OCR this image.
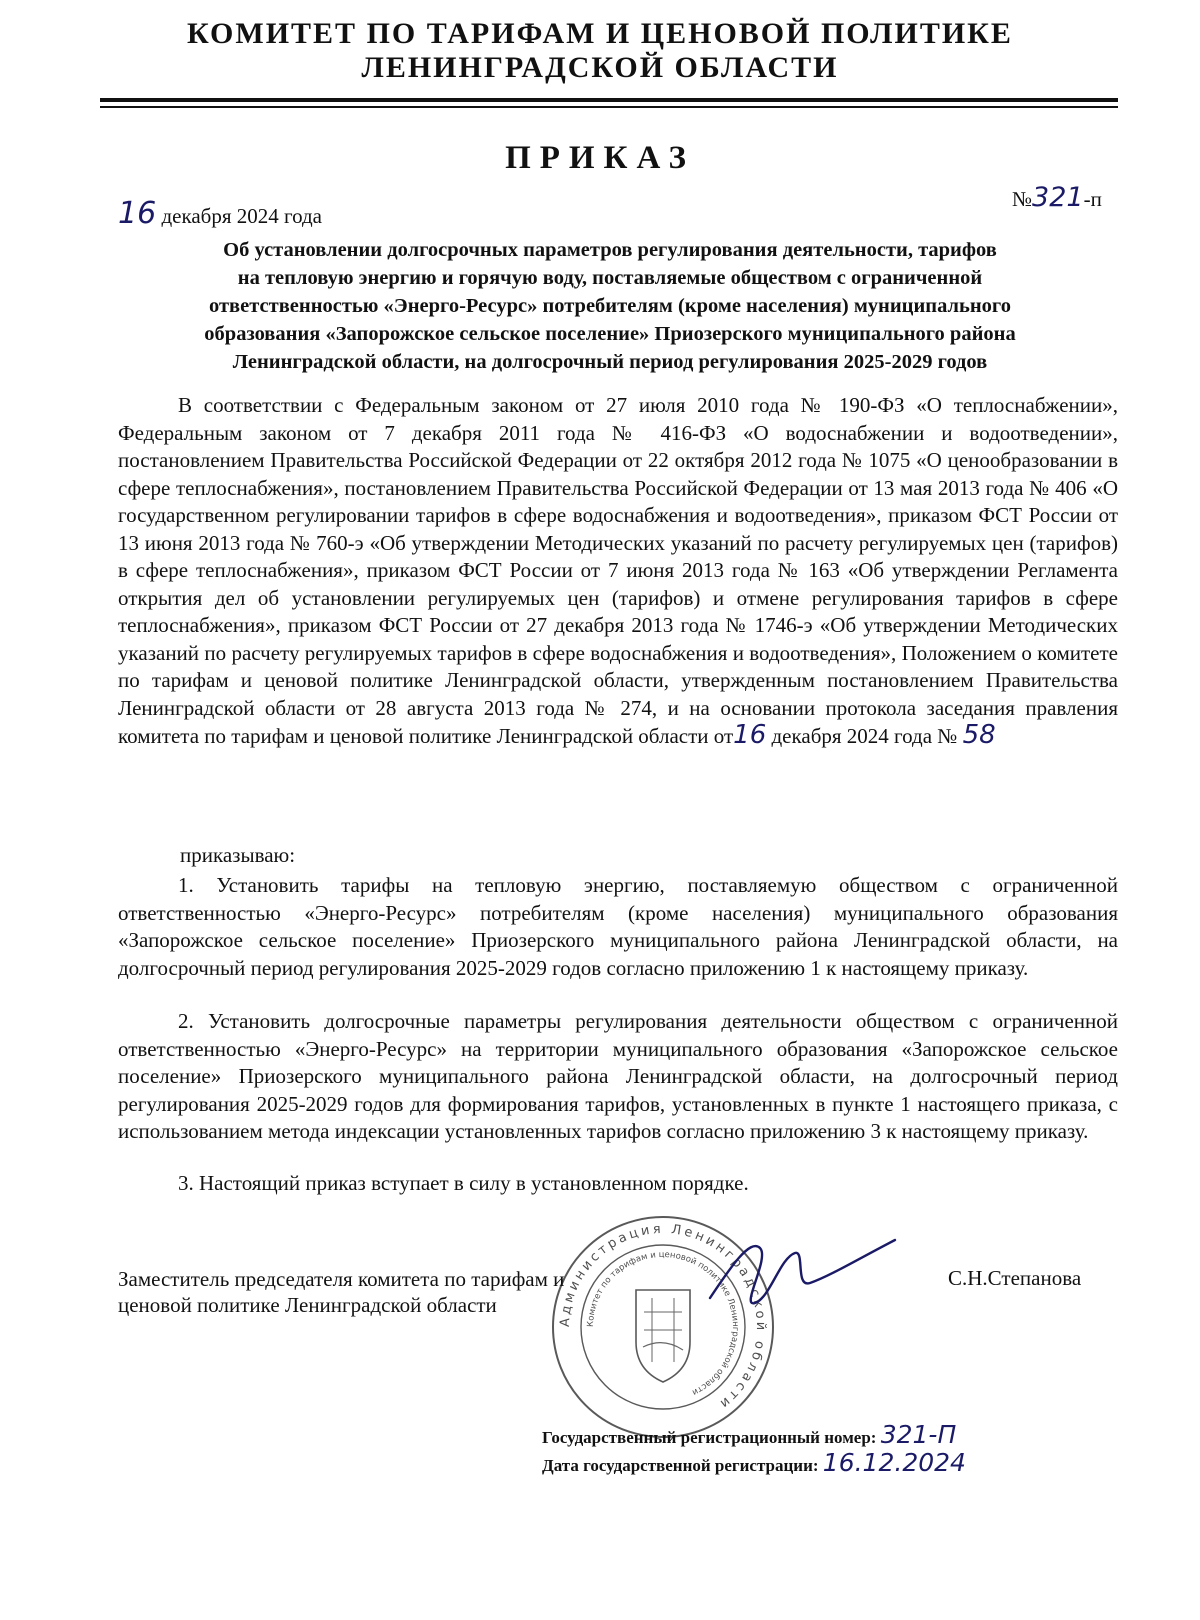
КОМИТЕТ ПО ТАРИФАМ И ЦЕНОВОЙ ПОЛИТИКЕ
ЛЕНИНГРАДСКОЙ ОБЛАСТИ
ПРИКАЗ
16 декабря 2024 года
№321-п
Об установлении долгосрочных параметров регулирования деятельности, тарифов
на тепловую энергию и горячую воду, поставляемые обществом с ограниченной
ответственностью «Энерго-Ресурс» потребителям (кроме населения) муниципального
образования «Запорожское сельское поселение» Приозерского муниципального района
Ленинградской области, на долгосрочный период регулирования 2025-2029 годов
В соответствии с Федеральным законом от 27 июля 2010 года № 190-ФЗ «О теплоснабжении», Федеральным законом от 7 декабря 2011 года № 416-ФЗ «О водоснабжении и водоотведении», постановлением Правительства Российской Федерации от 22 октября 2012 года № 1075 «О ценообразовании в сфере теплоснабжения», постановлением Правительства Российской Федерации от 13 мая 2013 года № 406 «О государственном регулировании тарифов в сфере водоснабжения и водоотведения», приказом ФСТ России от 13 июня 2013 года № 760-э «Об утверждении Методических указаний по расчету регулируемых цен (тарифов) в сфере теплоснабжения», приказом ФСТ России от 7 июня 2013 года № 163 «Об утверждении Регламента открытия дел об установлении регулируемых цен (тарифов) и отмене регулирования тарифов в сфере теплоснабжения», приказом ФСТ России от 27 декабря 2013 года № 1746-э «Об утверждении Методических указаний по расчету регулируемых тарифов в сфере водоснабжения и водоотведения», Положением о комитете по тарифам и ценовой политике Ленинградской области, утвержденным постановлением Правительства Ленинградской области от 28 августа 2013 года № 274, и на основании протокола заседания правления комитета по тарифам и ценовой политике Ленинградской области от16 декабря 2024 года № 58
приказываю:
1. Установить тарифы на тепловую энергию, поставляемую обществом с ограниченной ответственностью «Энерго-Ресурс» потребителям (кроме населения) муниципального образования «Запорожское сельское поселение» Приозерского муниципального района Ленинградской области, на долгосрочный период регулирования 2025-2029 годов согласно приложению 1 к настоящему приказу.
2. Установить долгосрочные параметры регулирования деятельности обществом с ограниченной ответственностью «Энерго-Ресурс» на территории муниципального образования «Запорожское сельское поселение» Приозерского муниципального района Ленинградской области, на долгосрочный период регулирования 2025-2029 годов для формирования тарифов, установленных в пункте 1 настоящего приказа, с использованием метода индексации установленных тарифов согласно приложению 3 к настоящему приказу.
3. Настоящий приказ вступает в силу в установленном порядке.
Администрация Ленинградской области
Комитет по тарифам и ценовой политике Ленинградской области
Заместитель председателя комитета по тарифам и
ценовой политике Ленинградской области
С.Н.Степанова
Государственный регистрационный номер: 321-П
Дата государственной регистрации: 16.12.2024
